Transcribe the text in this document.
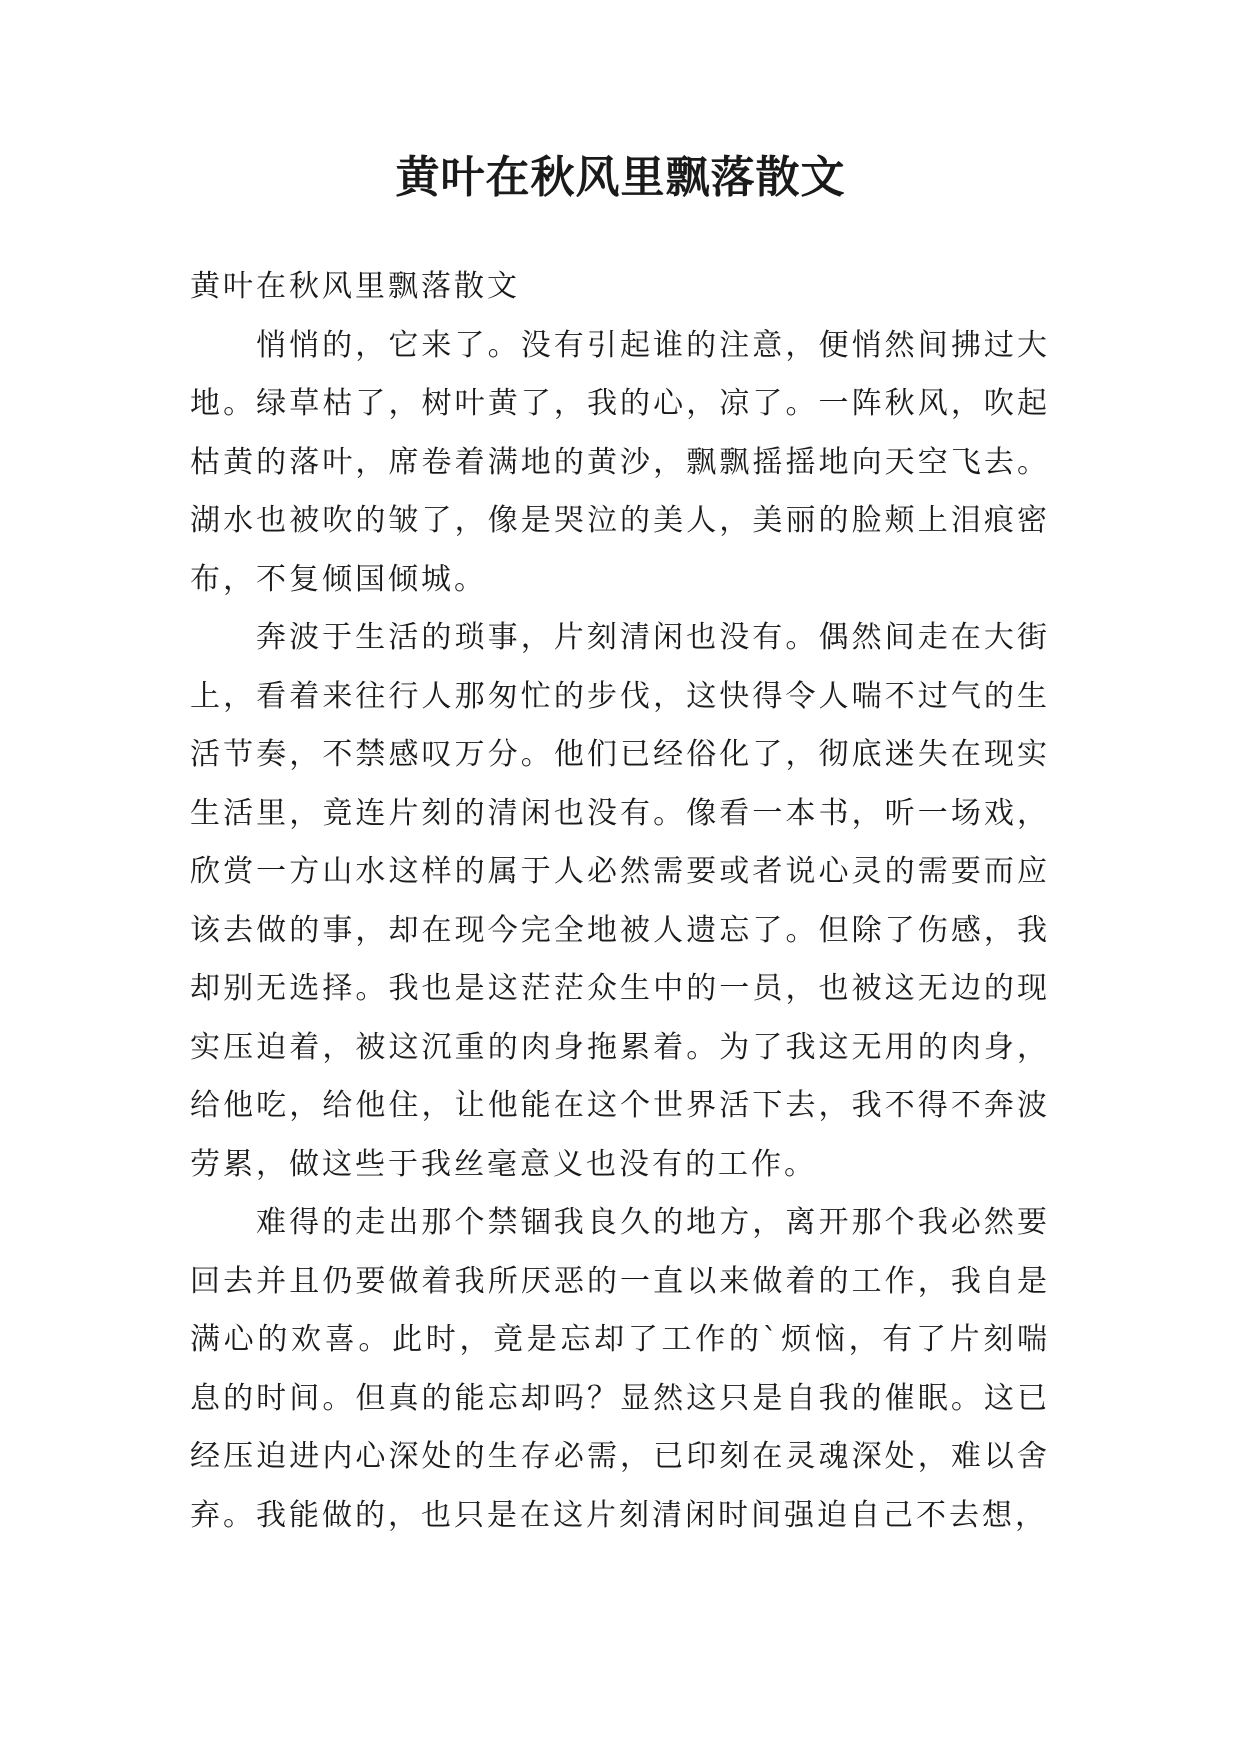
黄叶在秋风里飘落散文

黄叶在秋风里飘落散文

悄悄的，它来了。没有引起谁的注意，便悄然间拂过大地。绿草枯了，树叶黄了，我的心，凉了。一阵秋风，吹起枯黄的落叶，席卷着满地的黄沙，飘飘摇摇地向天空飞去。湖水也被吹的皱了，像是哭泣的美人，美丽的脸颊上泪痕密布，不复倾国倾城。

奔波于生活的琐事，片刻清闲也没有。偶然间走在大街上，看着来往行人那匆忙的步伐，这快得令人喘不过气的生活节奏，不禁感叹万分。他们已经俗化了，彻底迷失在现实生活里，竟连片刻的清闲也没有。像看一本书，听一场戏，欣赏一方山水这样的属于人必然需要或者说心灵的需要而应该去做的事，却在现今完全地被人遗忘了。但除了伤感，我却别无选择。我也是这茫茫众生中的一员，也被这无边的现实压迫着，被这沉重的肉身拖累着。为了我这无用的肉身，给他吃，给他住，让他能在这个世界活下去，我不得不奔波劳累，做这些于我丝毫意义也没有的工作。

难得的走出那个禁锢我良久的地方，离开那个我必然要回去并且仍要做着我所厌恶的一直以来做着的工作，我自是满心的欢喜。此时，竟是忘却了工作的`烦恼，有了片刻喘息的时间。但真的能忘却吗？显然这只是自我的催眠。这已经压迫进内心深处的生存必需，已印刻在灵魂深处，难以舍弃。我能做的，也只是在这片刻清闲时间强迫自己不去想，
